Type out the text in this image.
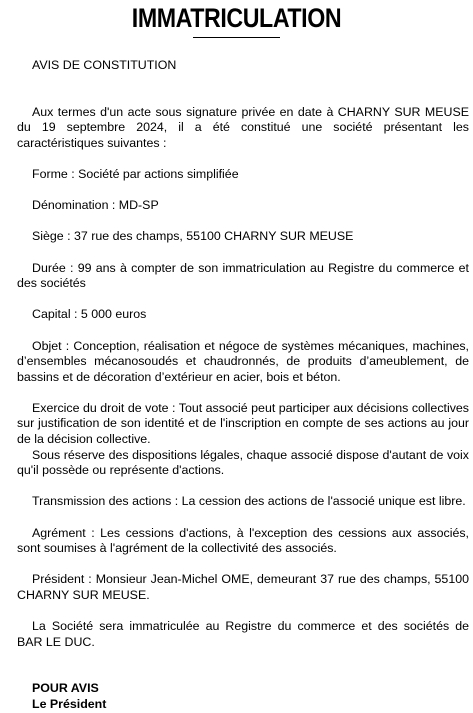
IMMATRICULATION

AVIS DE CONSTITUTION

Aux termes d'un acte sous signature privée en date à CHARNY SUR MEUSE du 19 septembre 2024, il a été constitué une société présentant les caractéristiques suivantes :

Forme : Société par actions simplifiée

Dénomination : MD-SP

Siège : 37 rue des champs, 55100 CHARNY SUR MEUSE

Durée : 99 ans à compter de son immatriculation au Registre du commerce et des sociétés

Capital : 5 000 euros

Objet : Conception, réalisation et négoce de systèmes mécaniques, machines, d’ensembles mécanosoudés et chaudronnés, de produits d’ameublement, de bassins et de décoration d’extérieur en acier, bois et béton.

Exercice du droit de vote : Tout associé peut participer aux décisions collectives sur justification de son identité et de l'inscription en compte de ses actions au jour de la décision collective.

Sous réserve des dispositions légales, chaque associé dispose d'autant de voix qu'il possède ou représente d'actions.

Transmission des actions : La cession des actions de l'associé unique est libre.

Agrément : Les cessions d'actions, à l'exception des cessions aux associés, sont soumises à l'agrément de la collectivité des associés.

Président : Monsieur Jean-Michel OME, demeurant 37 rue des champs, 55100 CHARNY SUR MEUSE.

La Société sera immatriculée au Registre du commerce et des sociétés de BAR LE DUC.

POUR AVIS

Le Président
